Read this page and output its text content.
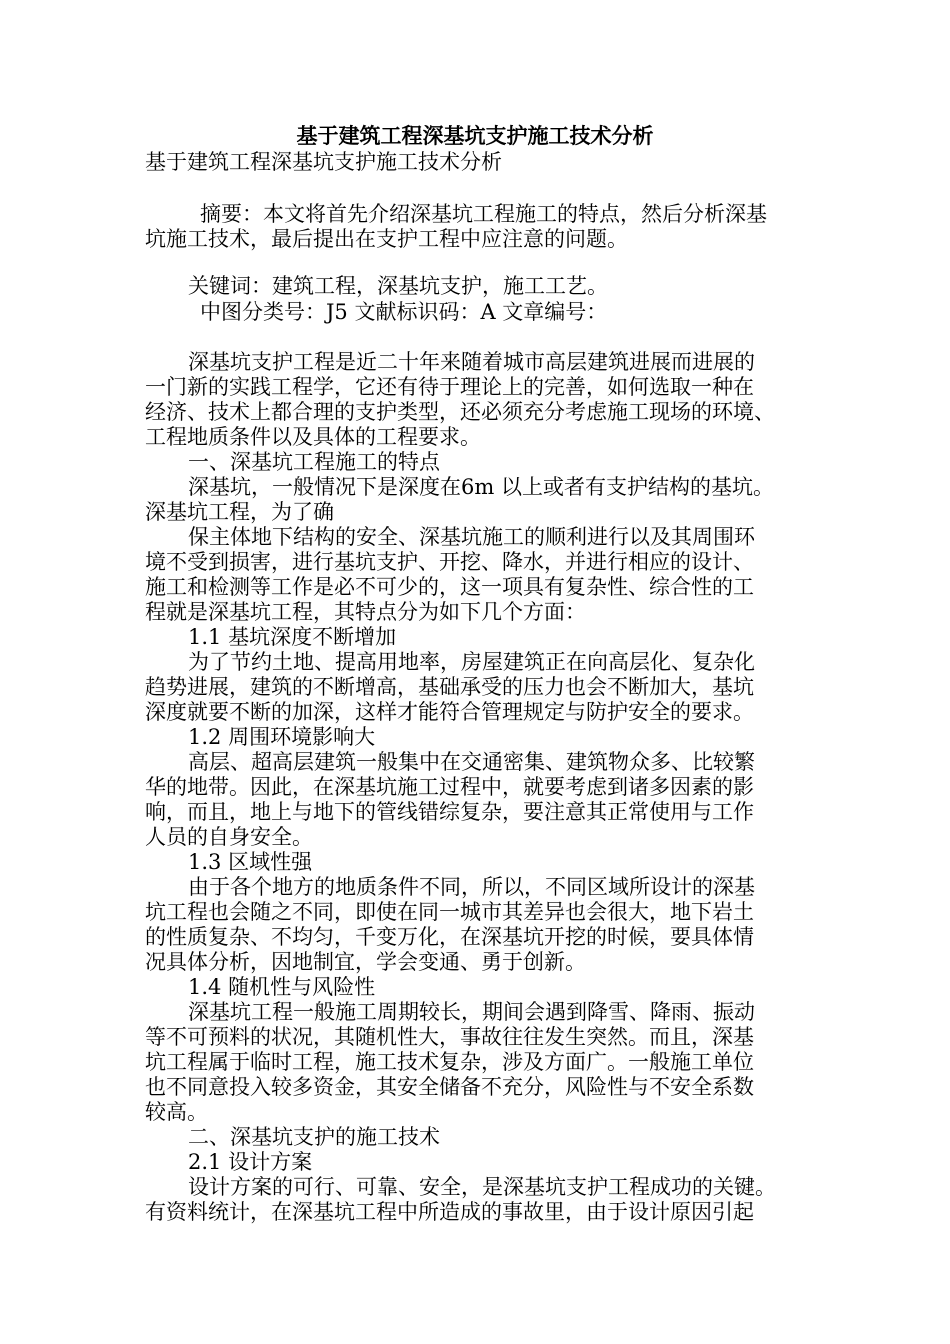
基于建筑工程深基坑支护施工技术分析
基于建筑工程深基坑支护施工技术分析
摘要：本文将首先介绍深基坑工程施工的特点，然后分析深基
坑施工技术，最后提出在支护工程中应注意的问题。
关键词：建筑工程，深基坑支护，施工工艺。
中图分类号：J5 文献标识码：A 文章编号：
深基坑支护工程是近二十年来随着城市高层建筑进展而进展的
一门新的实践工程学，它还有待于理论上的完善，如何选取一种在
经济、技术上都合理的支护类型，还必须充分考虑施工现场的环境、
工程地质条件以及具体的工程要求。
一、深基坑工程施工的特点
深基坑，一般情况下是深度在6m 以上或者有支护结构的基坑。
深基坑工程，为了确
保主体地下结构的安全、深基坑施工的顺利进行以及其周围环
境不受到损害，进行基坑支护、开挖、降水，并进行相应的设计、
施工和检测等工作是必不可少的，这一项具有复杂性、综合性的工
程就是深基坑工程，其特点分为如下几个方面：
1.1 基坑深度不断增加
为了节约土地、提高用地率，房屋建筑正在向高层化、复杂化
趋势进展，建筑的不断增高，基础承受的压力也会不断加大，基坑
深度就要不断的加深，这样才能符合管理规定与防护安全的要求。
1.2 周围环境影响大
高层、超高层建筑一般集中在交通密集、建筑物众多、比较繁
华的地带。因此，在深基坑施工过程中，就要考虑到诸多因素的影
响，而且，地上与地下的管线错综复杂，要注意其正常使用与工作
人员的自身安全。
1.3 区域性强
由于各个地方的地质条件不同，所以，不同区域所设计的深基
坑工程也会随之不同，即使在同一城市其差异也会很大，地下岩土
的性质复杂、不均匀，千变万化，在深基坑开挖的时候，要具体情
况具体分析，因地制宜，学会变通、勇于创新。
1.4 随机性与风险性
深基坑工程一般施工周期较长，期间会遇到降雪、降雨、振动
等不可预料的状况，其随机性大，事故往往发生突然。而且，深基
坑工程属于临时工程，施工技术复杂，涉及方面广。一般施工单位
也不同意投入较多资金，其安全储备不充分，风险性与不安全系数
较高。
二、深基坑支护的施工技术
2.1 设计方案
设计方案的可行、可靠、安全，是深基坑支护工程成功的关键。
有资料统计，在深基坑工程中所造成的事故里，由于设计原因引起
